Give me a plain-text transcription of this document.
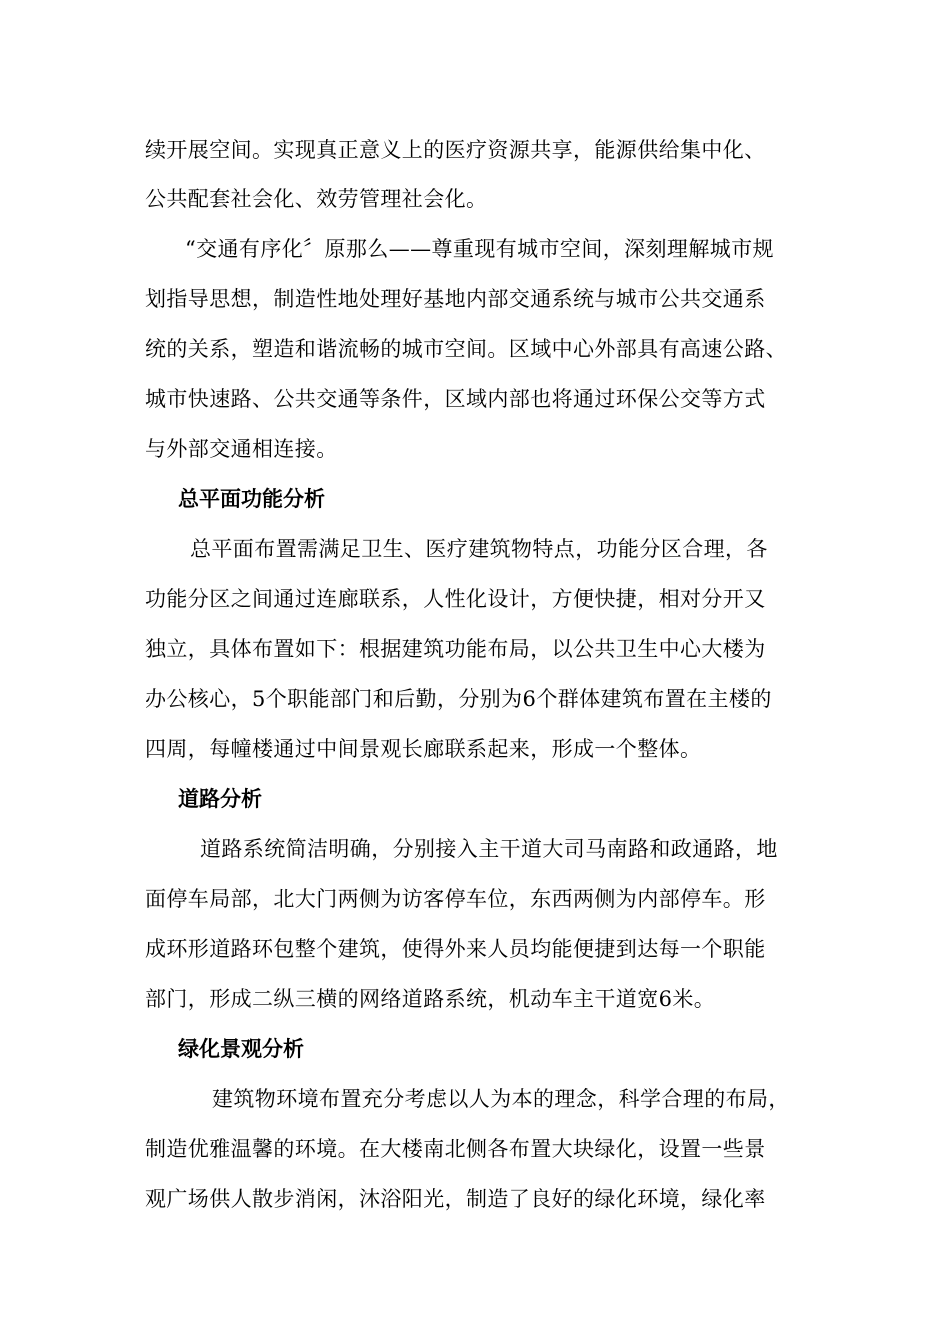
续开展空间。实现真正意义上的医疗资源共享，能源供给集中化、
公共配套社会化、效劳管理社会化。
“交通有序化〞原那么——尊重现有城市空间，深刻理解城市规
划指导思想，制造性地处理好基地内部交通系统与城市公共交通系
统的关系，塑造和谐流畅的城市空间。区域中心外部具有高速公路、
城市快速路、公共交通等条件，区域内部也将通过环保公交等方式
与外部交通相连接。
总平面功能分析
总平面布置需满足卫生、医疗建筑物特点，功能分区合理，各
功能分区之间通过连廊联系，人性化设计，方便快捷，相对分开又
独立，具体布置如下：根据建筑功能布局，以公共卫生中心大楼为
办公核心，5个职能部门和后勤，分别为6个群体建筑布置在主楼的
四周，每幢楼通过中间景观长廊联系起来，形成一个整体。
道路分析
道路系统简洁明确，分别接入主干道大司马南路和政通路，地
面停车局部，北大门两侧为访客停车位，东西两侧为内部停车。形
成环形道路环包整个建筑，使得外来人员均能便捷到达每一个职能
部门，形成二纵三横的网络道路系统，机动车主干道宽6米。
绿化景观分析
建筑物环境布置充分考虑以人为本的理念，科学合理的布局，
制造优雅温馨的环境。在大楼南北侧各布置大块绿化，设置一些景
观广场供人散步消闲，沐浴阳光，制造了良好的绿化环境，绿化率
